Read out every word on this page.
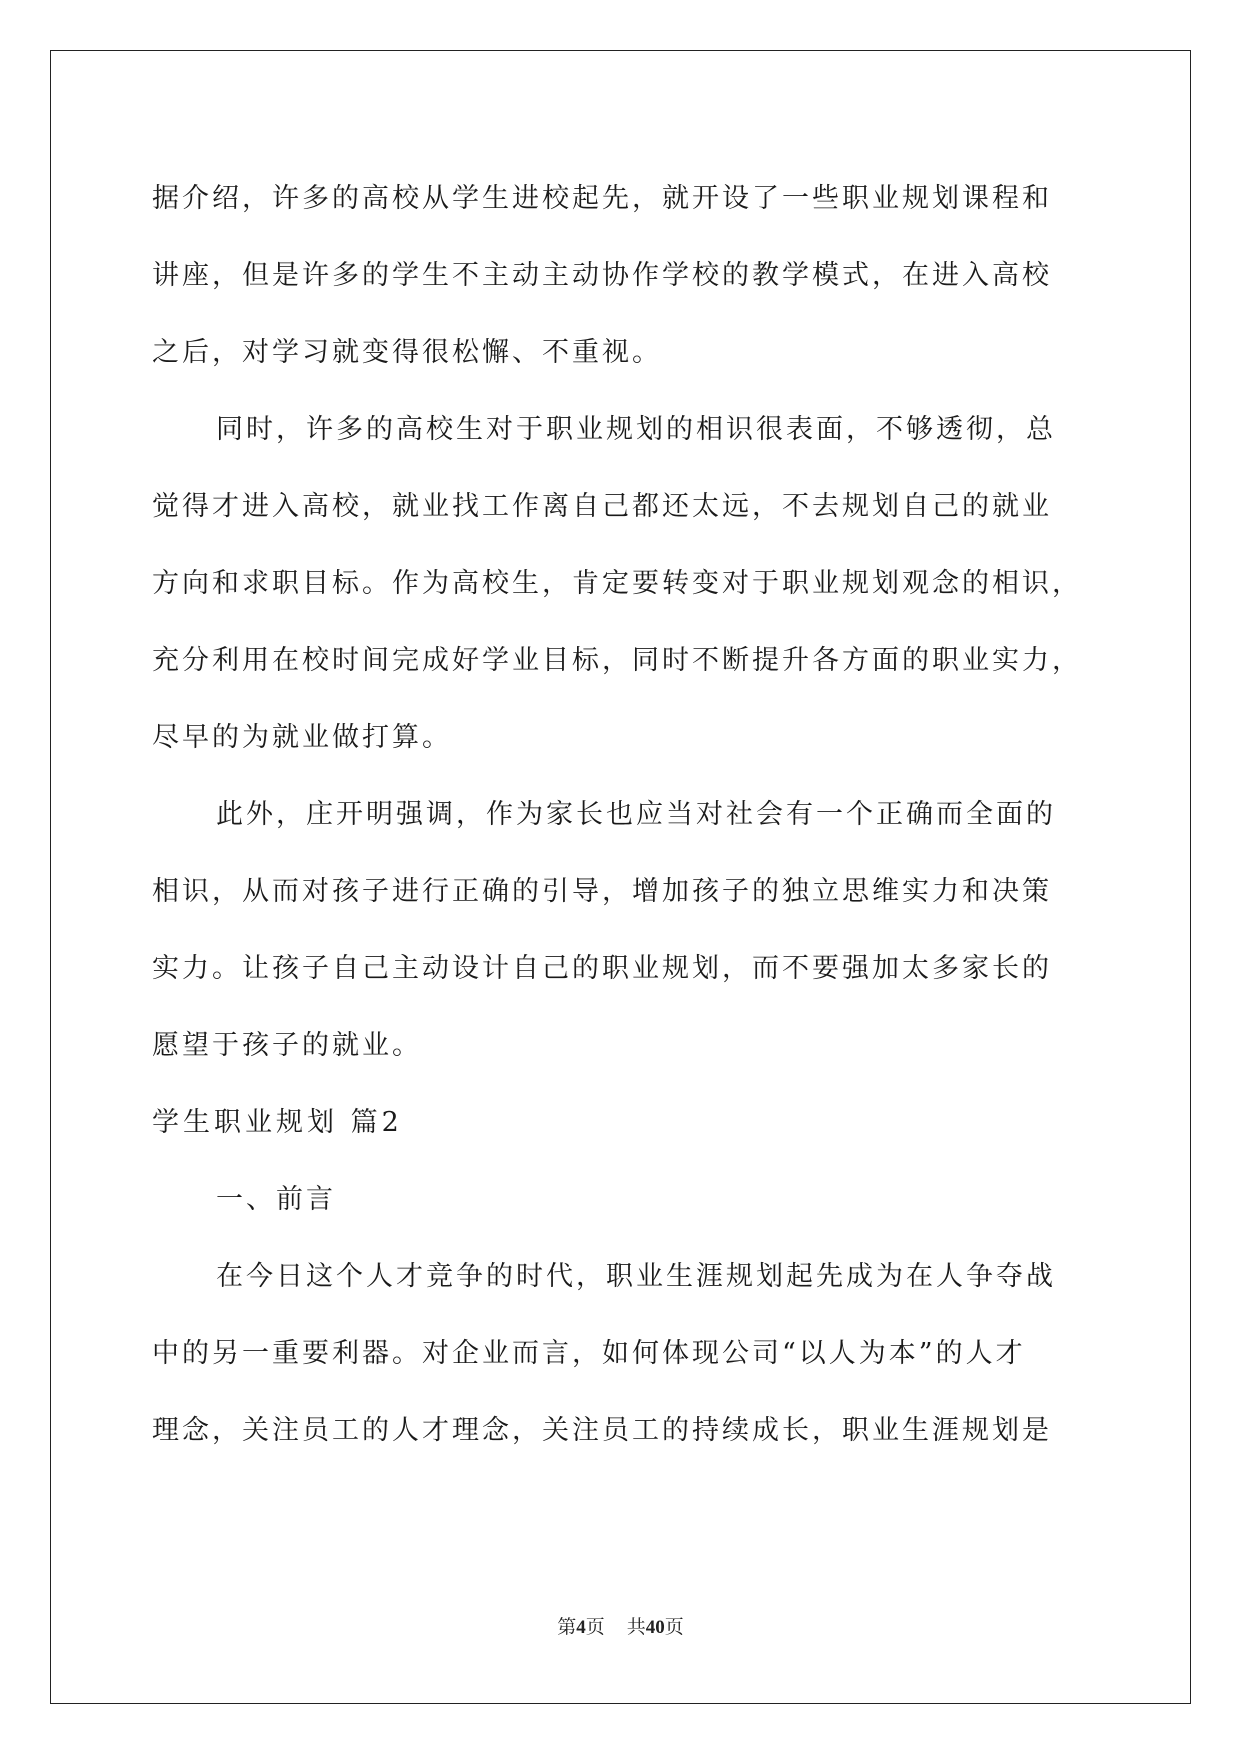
据介绍，许多的高校从学生进校起先，就开设了一些职业规划课程和
讲座，但是许多的学生不主动主动协作学校的教学模式，在进入高校
之后，对学习就变得很松懈、不重视。
同时，许多的高校生对于职业规划的相识很表面，不够透彻，总
觉得才进入高校，就业找工作离自己都还太远，不去规划自己的就业
方向和求职目标。作为高校生，肯定要转变对于职业规划观念的相识，
充分利用在校时间完成好学业目标，同时不断提升各方面的职业实力，
尽早的为就业做打算。
此外，庄开明强调，作为家长也应当对社会有一个正确而全面的
相识，从而对孩子进行正确的引导，增加孩子的独立思维实力和决策
实力。让孩子自己主动设计自己的职业规划，而不要强加太多家长的
愿望于孩子的就业。
学生职业规划 篇2
一、前言
在今日这个人才竞争的时代，职业生涯规划起先成为在人争夺战
中的另一重要利器。对企业而言，如何体现公司“以人为本”的人才
理念，关注员工的人才理念，关注员工的持续成长，职业生涯规划是
第4页 共40页
